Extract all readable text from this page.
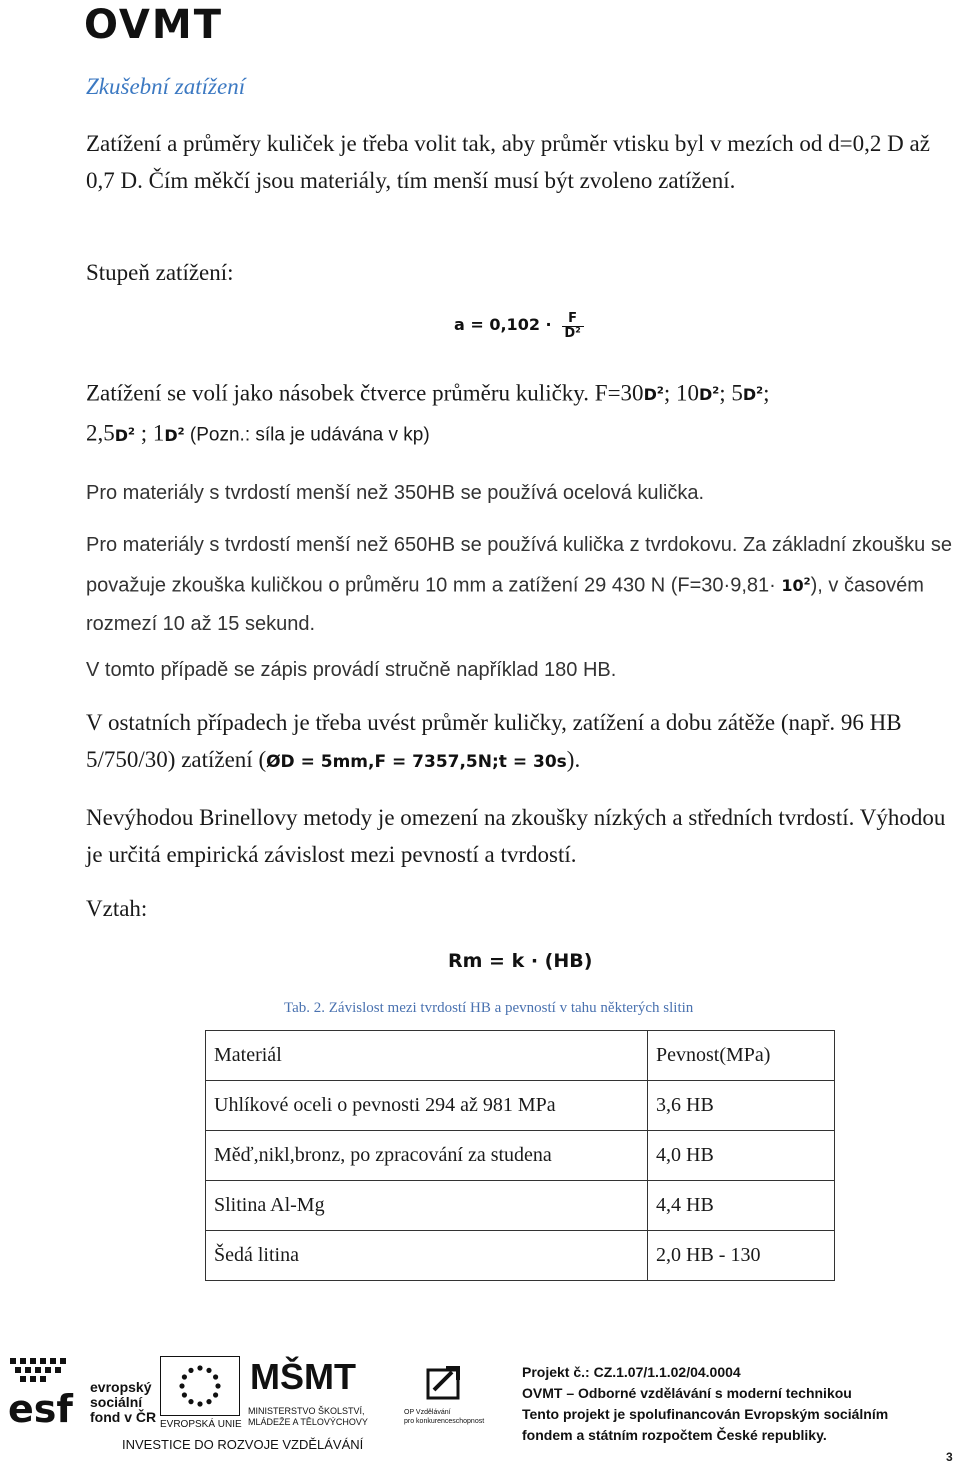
OVMT
Zkušební zatížení
Zatížení a průměry kuliček je třeba volit tak, aby průměr vtisku byl v mezích od d=0,2 D až 0,7 D. Čím měkčí jsou materiály, tím menší musí být zvoleno zatížení.
Stupeň zatížení:
$a = 0,102 \cdot \frac{F}{\text{D²}}$
Zatížení se volí jako násobek čtverce průměru kuličky. $F=30D^2$; $10D^2$; $5D^2$;
$2,5D^2$ ; $1D^2$ (Pozn.: síla je udávána v kp)
Pro materiály s tvrdostí menší než 350HB se používá ocelová kulička.
Pro materiály s tvrdostí menší než 650HB se používá kulička z tvrdokovu. Za základní zkoušku se považuje zkouška kuličkou o průměru 10 mm a zatížení 29 430 N $(F=30\cdot 9,81\cdot 10^2)$, v časovém rozmezí 10 až 15 sekund.
V tomto případě se zápis provádí stručně například 180 HB.
V ostatních případech je třeba uvést průměr kuličky, zatížení a dobu zátěže (např. 96 HB 5/750/30) zatížení (ØD = 5mm,F = 7357,5N;t = 30s).
Nevýhodou Brinellovy metody je omezení na zkoušky nízkých a středních tvrdostí. Výhodou je určitá empirická závislost mezi pevností a tvrdostí.
Vztah:
Rm = k · (HB)
Tab. 2. Závislost mezi tvrdostí HB a pevností v tahu některých slitin
Materiál	Pevnost(MPa)
Uhlíkové oceli o pevnosti 294 až 981 MPa	3,6 HB
Měď,nikl,bronz, po zpracování za studena	4,0 HB
Slitina Al-Mg	4,4 HB
Šedá litina	2,0 HB - 130
esf evropský
sociální
fond v ČR EVROPSKÁ UNIE
MŠMT
MINISTERSTVO ŠKOLSTVÍ,
MLÁDEŽE A TĚLOVÝCHOVY
OP Vzdělávání
pro konkurenceschopnost
INVESTICE DO ROZVOJE VZDĚLÁVÁNÍ
Projekt č.: CZ.1.07/1.1.02/04.0004
OVMT – Odborné vzdělávání s moderní technikou
Tento projekt je spolufinancován Evropským sociálním
fondem a státním rozpočtem České republiky.
3
